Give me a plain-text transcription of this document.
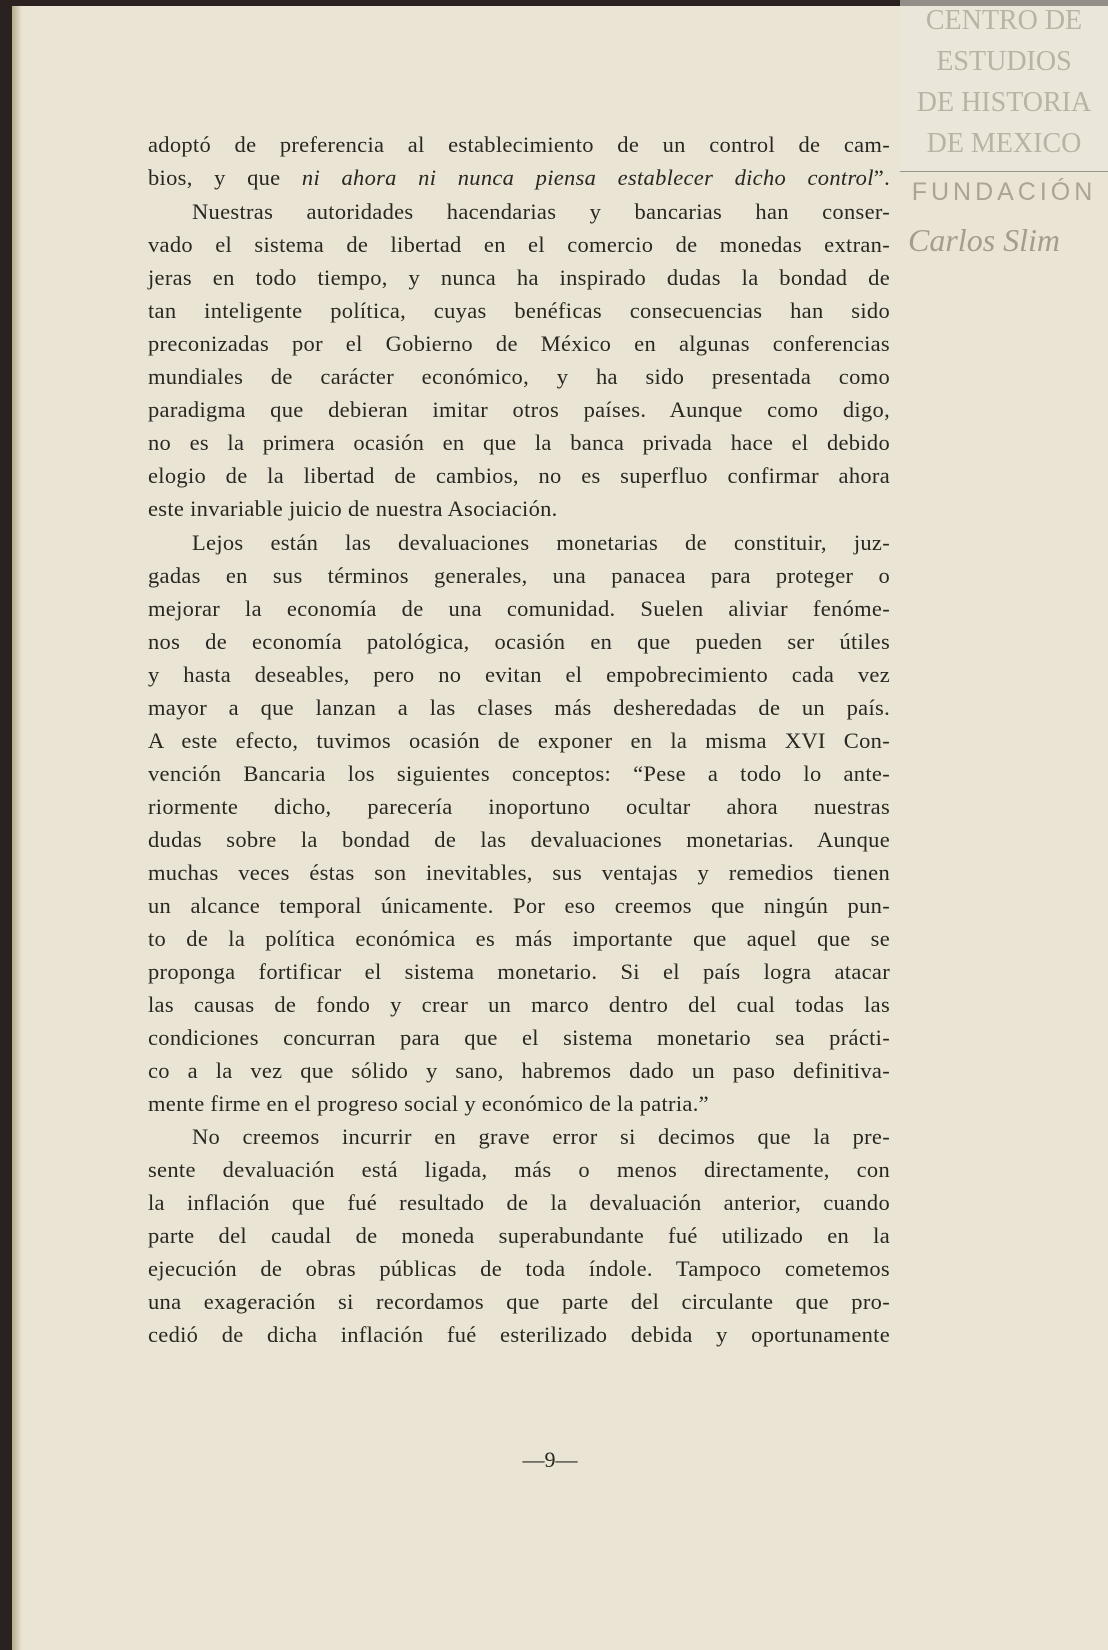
adoptó de preferencia al establecimiento de un control de cam-
bios, y que ni ahora ni nunca piensa establecer dicho control”.
Nuestras autoridades hacendarias y bancarias han conser-
vado el sistema de libertad en el comercio de monedas extran-
jeras en todo tiempo, y nunca ha inspirado dudas la bondad de
tan inteligente política, cuyas benéficas consecuencias han sido
preconizadas por el Gobierno de México en algunas conferencias
mundiales de carácter económico, y ha sido presentada como
paradigma que debieran imitar otros países. Aunque como digo,
no es la primera ocasión en que la banca privada hace el debido
elogio de la libertad de cambios, no es superfluo confirmar ahora
este invariable juicio de nuestra Asociación.
Lejos están las devaluaciones monetarias de constituir, juz-
gadas en sus términos generales, una panacea para proteger o
mejorar la economía de una comunidad. Suelen aliviar fenóme-
nos de economía patológica, ocasión en que pueden ser útiles
y hasta deseables, pero no evitan el empobrecimiento cada vez
mayor a que lanzan a las clases más desheredadas de un país.
A este efecto, tuvimos ocasión de exponer en la misma XVI Con-
vención Bancaria los siguientes conceptos: “Pese a todo lo ante-
riormente dicho, parecería inoportuno ocultar ahora nuestras
dudas sobre la bondad de las devaluaciones monetarias. Aunque
muchas veces éstas son inevitables, sus ventajas y remedios tienen
un alcance temporal únicamente. Por eso creemos que ningún pun-
to de la política económica es más importante que aquel que se
proponga fortificar el sistema monetario. Si el país logra atacar
las causas de fondo y crear un marco dentro del cual todas las
condiciones concurran para que el sistema monetario sea prácti-
co a la vez que sólido y sano, habremos dado un paso definitiva-
mente firme en el progreso social y económico de la patria.”
No creemos incurrir en grave error si decimos que la pre-
sente devaluación está ligada, más o menos directamente, con
la inflación que fué resultado de la devaluación anterior, cuando
parte del caudal de moneda superabundante fué utilizado en la
ejecución de obras públicas de toda índole. Tampoco cometemos
una exageración si recordamos que parte del circulante que pro-
cedió de dicha inflación fué esterilizado debida y oportunamente
—9—
CENTRO DE
ESTUDIOS
DE HISTORIA
DE MEXICO
FUNDACIÓN
Carlos Slim
